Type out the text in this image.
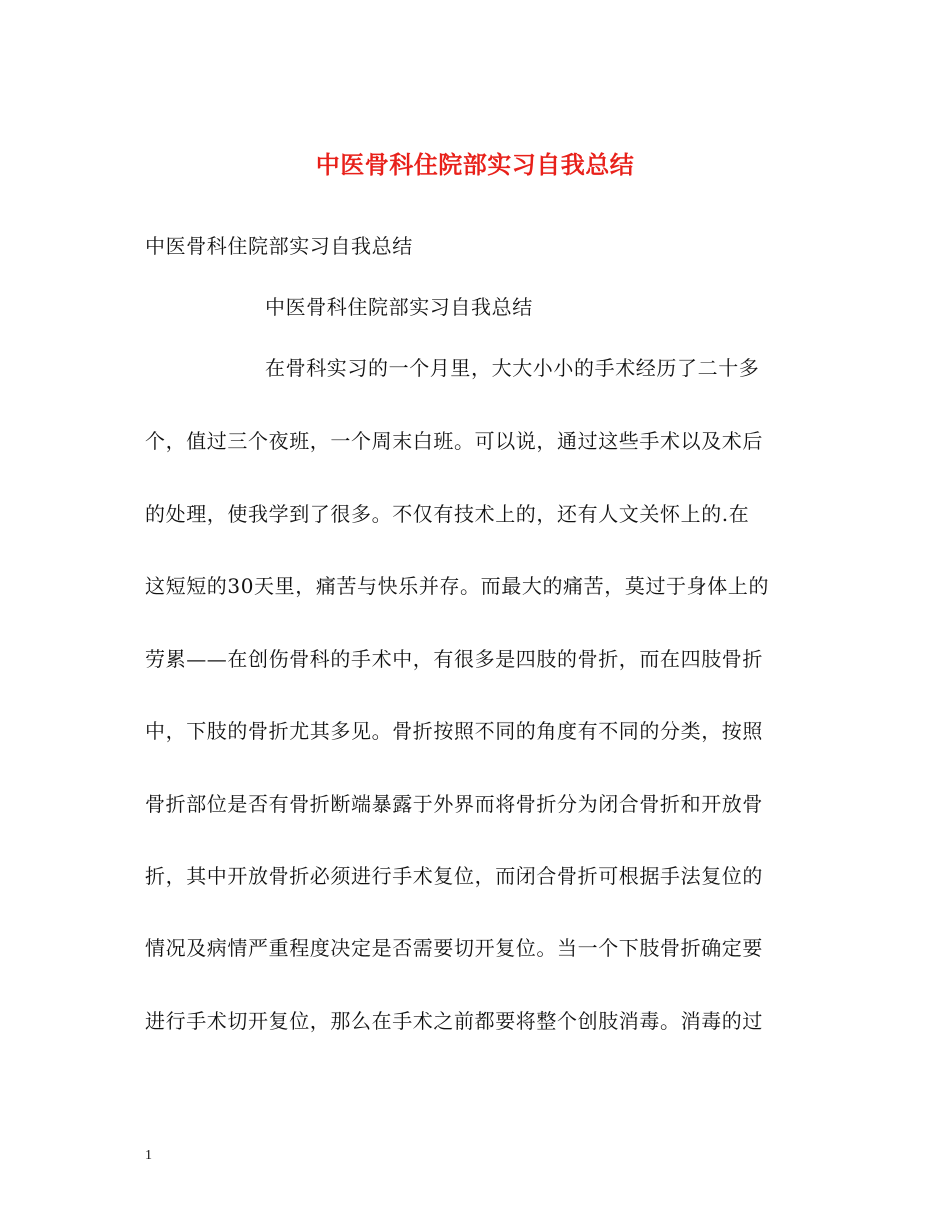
中医骨科住院部实习自我总结
中医骨科住院部实习自我总结
中医骨科住院部实习自我总结
在骨科实习的一个月里，大大小小的手术经历了二十多
个，值过三个夜班，一个周末白班。可以说，通过这些手术以及术后
的处理，使我学到了很多。不仅有技术上的，还有人文关怀上的.在
这短短的30天里，痛苦与快乐并存。而最大的痛苦，莫过于身体上的
劳累——在创伤骨科的手术中，有很多是四肢的骨折，而在四肢骨折
中，下肢的骨折尤其多见。骨折按照不同的角度有不同的分类，按照
骨折部位是否有骨折断端暴露于外界而将骨折分为闭合骨折和开放骨
折，其中开放骨折必须进行手术复位，而闭合骨折可根据手法复位的
情况及病情严重程度决定是否需要切开复位。当一个下肢骨折确定要
进行手术切开复位，那么在手术之前都要将整个创肢消毒。消毒的过
1
